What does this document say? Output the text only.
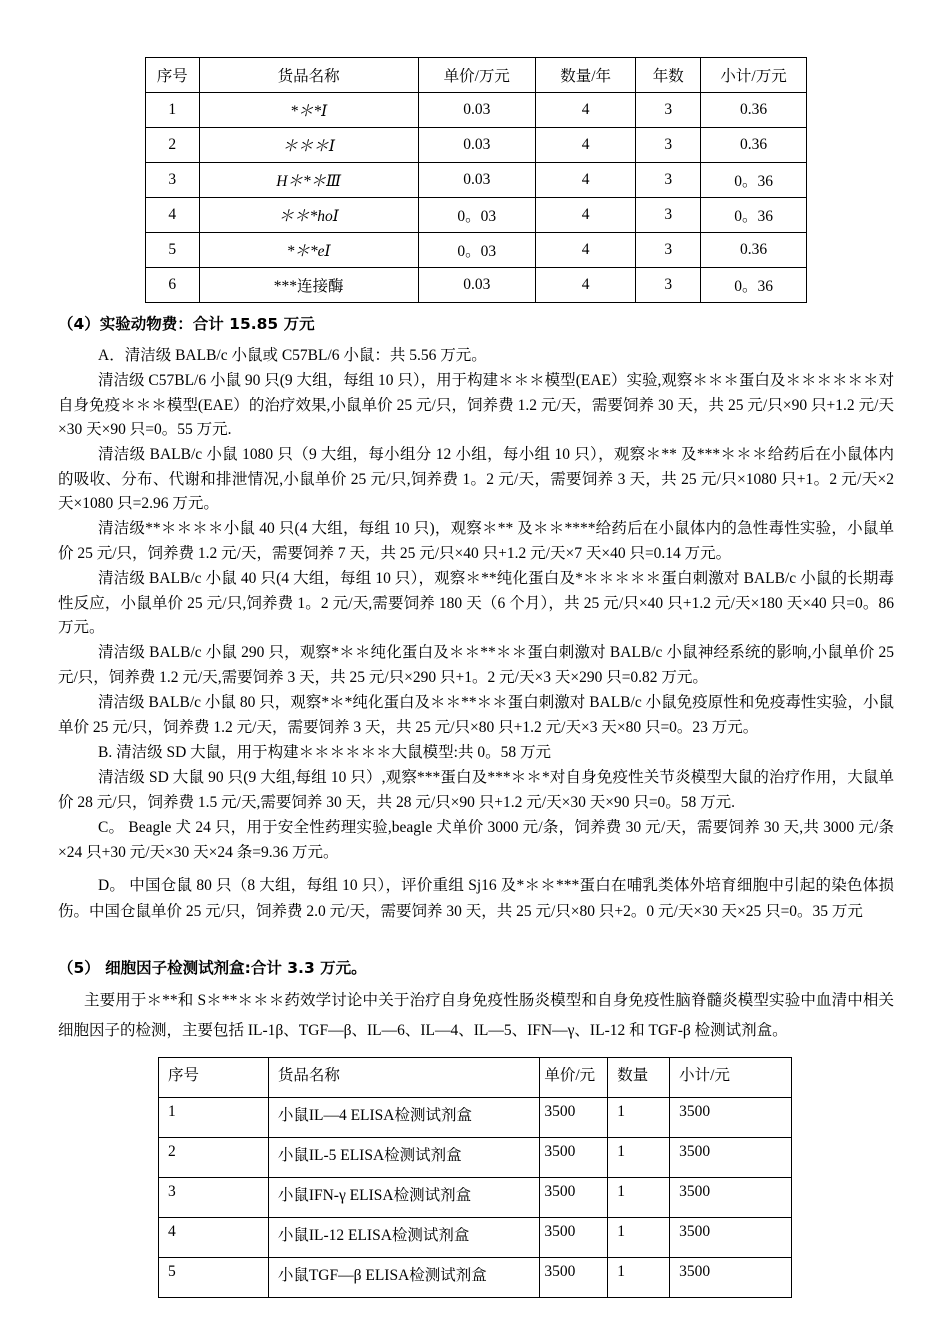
序号	货品名称	单价/万元	数量/年	年数	小计/万元
1	*＊*Ⅰ	0.03	4	3	0.36
2	＊＊＊Ⅰ	0.03	4	3	0.36
3	H＊*＊Ⅲ	0.03	4	3	0。36
4	＊＊*hoⅠ	0。03	4	3	0。36
5	*＊*eⅠ	0。03	4	3	0.36
6	***连接酶	0.03	4	3	0。36
（4）实验动物费：合计 15.85 万元
A．清洁级 BALB/c 小鼠或 C57BL/6 小鼠：共 5.56 万元。
清洁级 C57BL/6 小鼠 90 只(9 大组，每组 10 只），用于构建＊＊＊模型(EAE）实验,观察＊＊＊蛋白及＊＊＊＊＊＊对自身免疫＊＊＊模型(EAE）的治疗效果,小鼠单价 25 元/只，饲养费 1.2 元/天，需要饲养 30 天，共 25 元/只×90 只+1.2 元/天×30 天×90 只=0。55 万元.
清洁级 BALB/c 小鼠 1080 只（9 大组，每小组分 12 小组，每小组 10 只），观察＊** 及***＊＊＊给药后在小鼠体内的吸收、分布、代谢和排泄情况,小鼠单价 25 元/只,饲养费 1。2 元/天，需要饲养 3 天，共 25 元/只×1080 只+1。2 元/天×2 天×1080 只=2.96 万元。
清洁级**＊＊＊＊小鼠 40 只(4 大组，每组 10 只)，观察＊** 及＊＊****给药后在小鼠体内的急性毒性实验，小鼠单价 25 元/只，饲养费 1.2 元/天，需要饲养 7 天，共 25 元/只×40 只+1.2 元/天×7 天×40 只=0.14 万元。
清洁级 BALB/c 小鼠 40 只(4 大组，每组 10 只），观察＊**纯化蛋白及*＊＊＊＊＊蛋白刺激对 BALB/c 小鼠的长期毒性反应，小鼠单价 25 元/只,饲养费 1。2 元/天,需要饲养 180 天（6 个月），共 25 元/只×40 只+1.2 元/天×180 天×40 只=0。86 万元。
清洁级 BALB/c 小鼠 290 只，观察*＊＊纯化蛋白及＊＊**＊＊蛋白刺激对 BALB/c 小鼠神经系统的影响,小鼠单价 25 元/只，饲养费 1.2 元/天,需要饲养 3 天，共 25 元/只×290 只+1。2 元/天×3 天×290 只=0.82 万元。
清洁级 BALB/c 小鼠 80 只，观察*＊*纯化蛋白及＊＊**＊＊蛋白刺激对 BALB/c 小鼠免疫原性和免疫毒性实验，小鼠单价 25 元/只，饲养费 1.2 元/天，需要饲养 3 天，共 25 元/只×80 只+1.2 元/天×3 天×80 只=0。23 万元。
B. 清洁级 SD 大鼠，用于构建＊＊＊＊＊＊大鼠模型:共 0。58 万元
清洁级 SD 大鼠 90 只(9 大组,每组 10 只）,观察***蛋白及***＊＊*对自身免疫性关节炎模型大鼠的治疗作用，大鼠单价 28 元/只，饲养费 1.5 元/天,需要饲养 30 天，共 28 元/只×90 只+1.2 元/天×30 天×90 只=0。58 万元.
C。 Beagle 犬 24 只，用于安全性药理实验,beagle 犬单价 3000 元/条，饲养费 30 元/天，需要饲养 30 天,共 3000 元/条×24 只+30 元/天×30 天×24 条=9.36 万元。
D。 中国仓鼠 80 只（8 大组，每组 10 只），评价重组 Sj16 及*＊＊***蛋白在哺乳类体外培育细胞中引起的染色体损伤。中国仓鼠单价 25 元/只，饲养费 2.0 元/天，需要饲养 30 天，共 25 元/只×80 只+2。0 元/天×30 天×25 只=0。35 万元
（5） 细胞因子检测试剂盒:合计 3.3 万元。
主要用于＊**和 S＊**＊＊＊药效学讨论中关于治疗自身免疫性肠炎模型和自身免疫性脑脊髓炎模型实验中血清中相关细胞因子的检测，主要包括 IL-1β、TGF—β、IL—6、IL—4、IL—5、IFN—γ、IL-12 和 TGF-β 检测试剂盒。
序号	货品名称	单价/元	数量	小计/元
1	小鼠IL—4 ELISA检测试剂盒	3500	1	3500
2	小鼠IL-5 ELISA检测试剂盒	3500	1	3500
3	小鼠IFN-γ ELISA检测试剂盒	3500	1	3500
4	小鼠IL-12 ELISA检测试剂盒	3500	1	3500
5	小鼠TGF—β ELISA检测试剂盒	3500	1	3500
